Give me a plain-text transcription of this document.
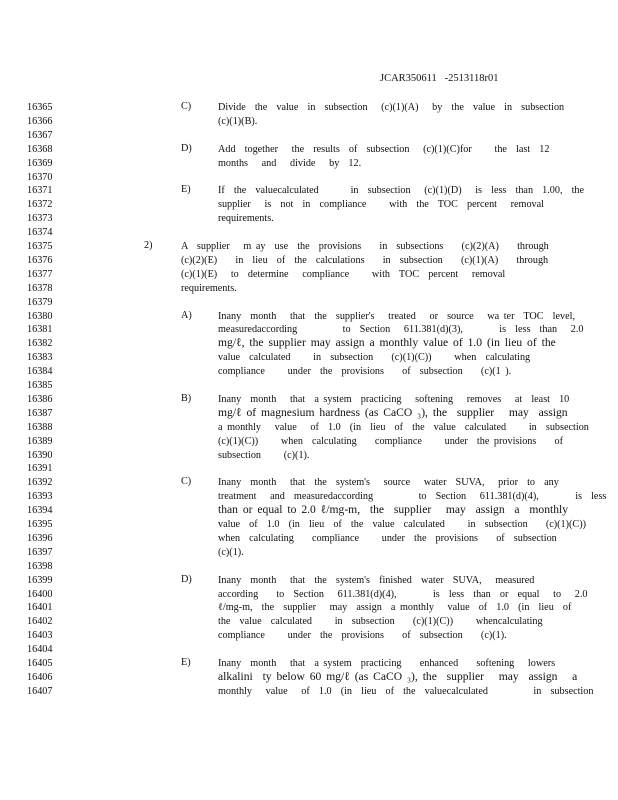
JCAR350611 -2513118r01
16365
16366
16367
16368
16369
16370
16371
16372
16373
16374
16375
16376
16377
16378
16379
16380
16381
16382
16383
16384
16385
16386
16387
16388
16389
16390
16391
16392
16393
16394
16395
16396
16397
16398
16399
16400
16401
16402
16403
16404
16405
16406
16407
C)	Divide  the  value  in  subsection   (c)(1)(A)   by  the  value  in  subsection
(c)(1)(B).
D)	Add  together   the  results  of  subsection   (c)(1)(C)for     the  last  12
months   and   divide   by  12.
E)	If  the  valuecalculated       in  subsection   (c)(1)(D)   is  less  than  1.00,  the
supplier   is  not  in  compliance     with  the  TOC  percent   removal
requirements.
2)	A  supplier   m ay  use  the  provisions    in  subsections    (c)(2)(A)    through
(c)(2)(E)    in  lieu  of  the  calculations    in  subsection    (c)(1)(A)    through
(c)(1)(E)   to  determine   compliance     with  TOC  percent   removal
requirements.
A)	Inany  month   that  the  supplier's   treated   or  source   wa ter  TOC  level,
measuredaccording          to  Section   611.381(d)(3),        is  less  than   2.0
mg/ℓ, the supplier may assign a monthly value of 1.0 (in lieu of the
value  calculated     in  subsection    (c)(1)(C))     when  calculating
compliance     under  the  provisions    of  subsection    (c)(1 ).
B)	Inany  month   that  a system  practicing   softening   removes   at  least  10
mg/ℓ of magnesium hardness (as CaCO ₃), the  supplier   may  assign
a monthly   value   of  1.0  (in  lieu  of  the  value  calculated     in  subsection
(c)(1)(C))     when  calculating    compliance     under  the provisions    of
subsection     (c)(1).
C)	Inany  month   that  the  system's   source   water  SUVA,   prior  to  any
treatment   and  measuredaccording          to  Section   611.381(d)(4),        is  less
than or equal to 2.0 ℓ/mg-m,  the  supplier   may  assign  a  monthly
value  of  1.0  (in  lieu  of  the  value  calculated     in  subsection    (c)(1)(C))
when  calculating    compliance     under  the  provisions    of  subsection
(c)(1).
D)	Inany  month   that  the  system's  finished  water  SUVA,   measured
according    to  Section   611.381(d)(4),        is  less  than  or  equal   to   2.0
ℓ/mg-m,  the  supplier   may  assign  a monthly   value  of  1.0  (in  lieu  of
the  value  calculated     in  subsection    (c)(1)(C))     whencalculating
compliance     under  the  provisions    of  subsection    (c)(1).
E)	Inany  month   that  a system  practicing    enhanced    softening   lowers
alkalini  ty below 60 mg/ℓ (as CaCO ₃), the  supplier   may  assign   a
monthly   value   of  1.0  (in  lieu  of  the  valuecalculated          in  subsection
